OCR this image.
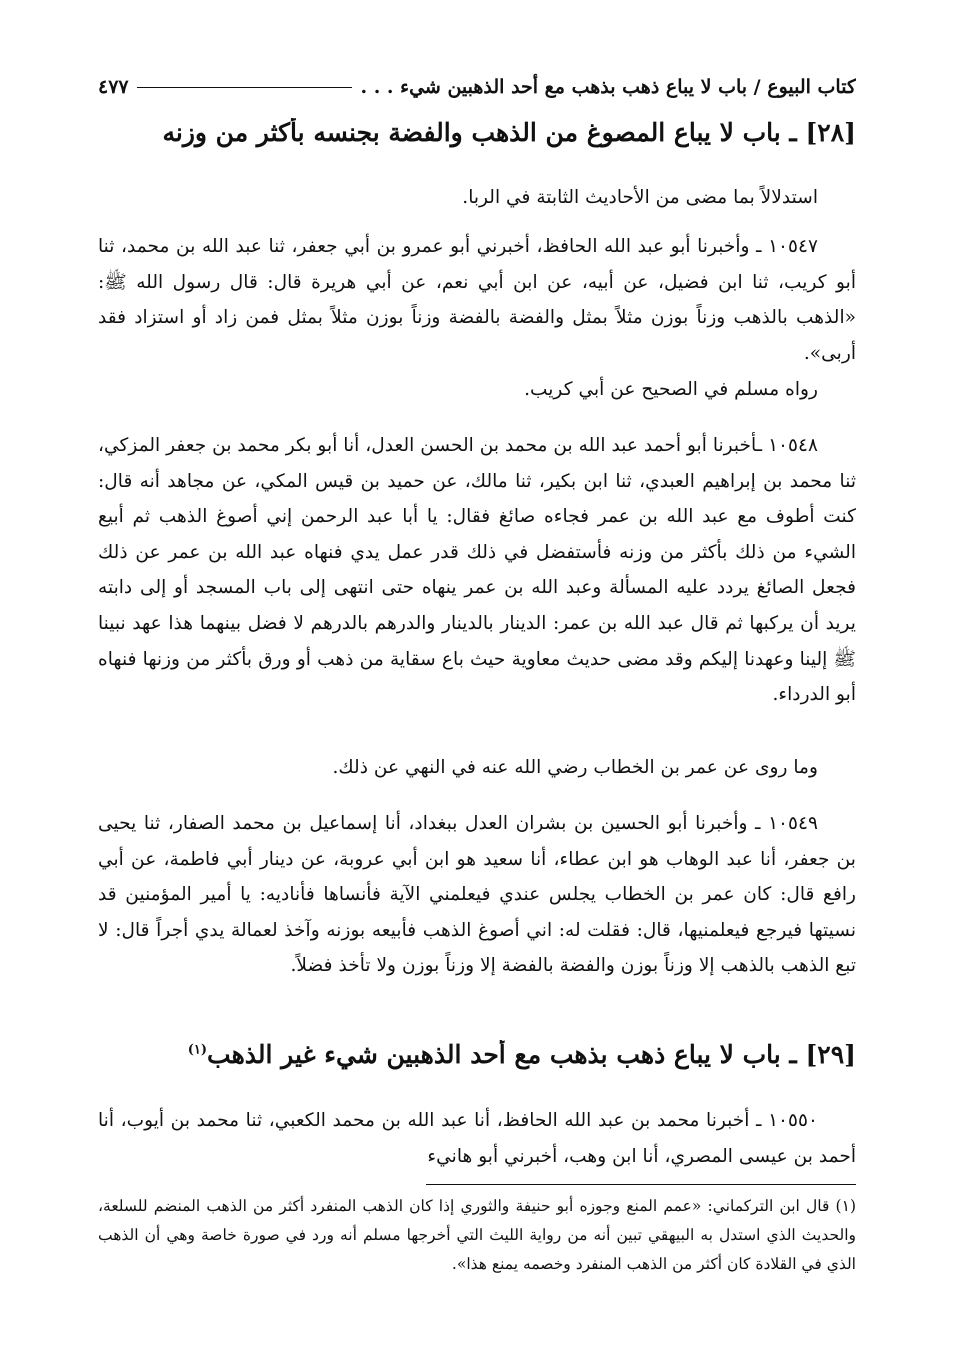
كتاب البيوع / باب لا يباع ذهب بذهب مع أحد الذهبين شيء . . .
٤٧٧
[٢٨] ـ باب لا يباع المصوغ من الذهب والفضة بجنسه بأكثر من وزنه
استدلالاً بما مضى من الأحاديث الثابتة في الربا.
١٠٥٤٧ ـ وأخبرنا أبو عبد الله الحافظ، أخبرني أبو عمرو بن أبي جعفر، ثنا عبد الله بن محمد، ثنا أبو كريب، ثنا ابن فضيل، عن أبيه، عن ابن أبي نعم، عن أبي هريرة قال: قال رسول الله ﷺ: «الذهب بالذهب وزناً بوزن مثلاً بمثل والفضة بالفضة وزناً بوزن مثلاً بمثل فمن زاد أو استزاد فقد أربى».
رواه مسلم في الصحيح عن أبي كريب.
١٠٥٤٨ ـأخبرنا أبو أحمد عبد الله بن محمد بن الحسن العدل، أنا أبو بكر محمد بن جعفر المزكي، ثنا محمد بن إبراهيم العبدي، ثنا ابن بكير، ثنا مالك، عن حميد بن قيس المكي، عن مجاهد أنه قال: كنت أطوف مع عبد الله بن عمر فجاءه صائغ فقال: يا أبا عبد الرحمن إني أصوغ الذهب ثم أبيع الشيء من ذلك بأكثر من وزنه فأستفضل في ذلك قدر عمل يدي فنهاه عبد الله بن عمر عن ذلك فجعل الصائغ يردد عليه المسألة وعبد الله بن عمر ينهاه حتى انتهى إلى باب المسجد أو إلى دابته يريد أن يركبها ثم قال عبد الله بن عمر: الدينار بالدينار والدرهم بالدرهم لا فضل بينهما هذا عهد نبينا ﷺ إلينا وعهدنا إليكم وقد مضى حديث معاوية حيث باع سقاية من ذهب أو ورق بأكثر من وزنها فنهاه أبو الدرداء.
وما روى عن عمر بن الخطاب رضي الله عنه في النهي عن ذلك.
١٠٥٤٩ ـ وأخبرنا أبو الحسين بن بشران العدل ببغداد، أنا إسماعيل بن محمد الصفار، ثنا يحيى بن جعفر، أنا عبد الوهاب هو ابن عطاء، أنا سعيد هو ابن أبي عروبة، عن دينار أبي فاطمة، عن أبي رافع قال: كان عمر بن الخطاب يجلس عندي فيعلمني الآية فأنساها فأناديه: يا أمير المؤمنين قد نسيتها فيرجع فيعلمنيها، قال: فقلت له: اني أصوغ الذهب فأبيعه بوزنه وآخذ لعمالة يدي أجراً قال: لا تبع الذهب بالذهب إلا وزناً بوزن والفضة بالفضة إلا وزناً بوزن ولا تأخذ فضلاً.
[٢٩] ـ باب لا يباع ذهب بذهب مع أحد الذهبين شيء غير الذهب$^{(١)}$
١٠٥٥٠ ـ أخبرنا محمد بن عبد الله الحافظ، أنا عبد الله بن محمد الكعبي، ثنا محمد بن أيوب، أنا أحمد بن عيسى المصري، أنا ابن وهب، أخبرني أبو هانيء
(١) قال ابن التركماني: «عمم المنع وجوزه أبو حنيفة والثوري إذا كان الذهب المنفرد أكثر من الذهب المنضم للسلعة، والحديث الذي استدل به البيهقي تبين أنه من رواية الليث التي أخرجها مسلم أنه ورد في صورة خاصة وهي أن الذهب الذي في القلادة كان أكثر من الذهب المنفرد وخصمه يمنع هذا».
